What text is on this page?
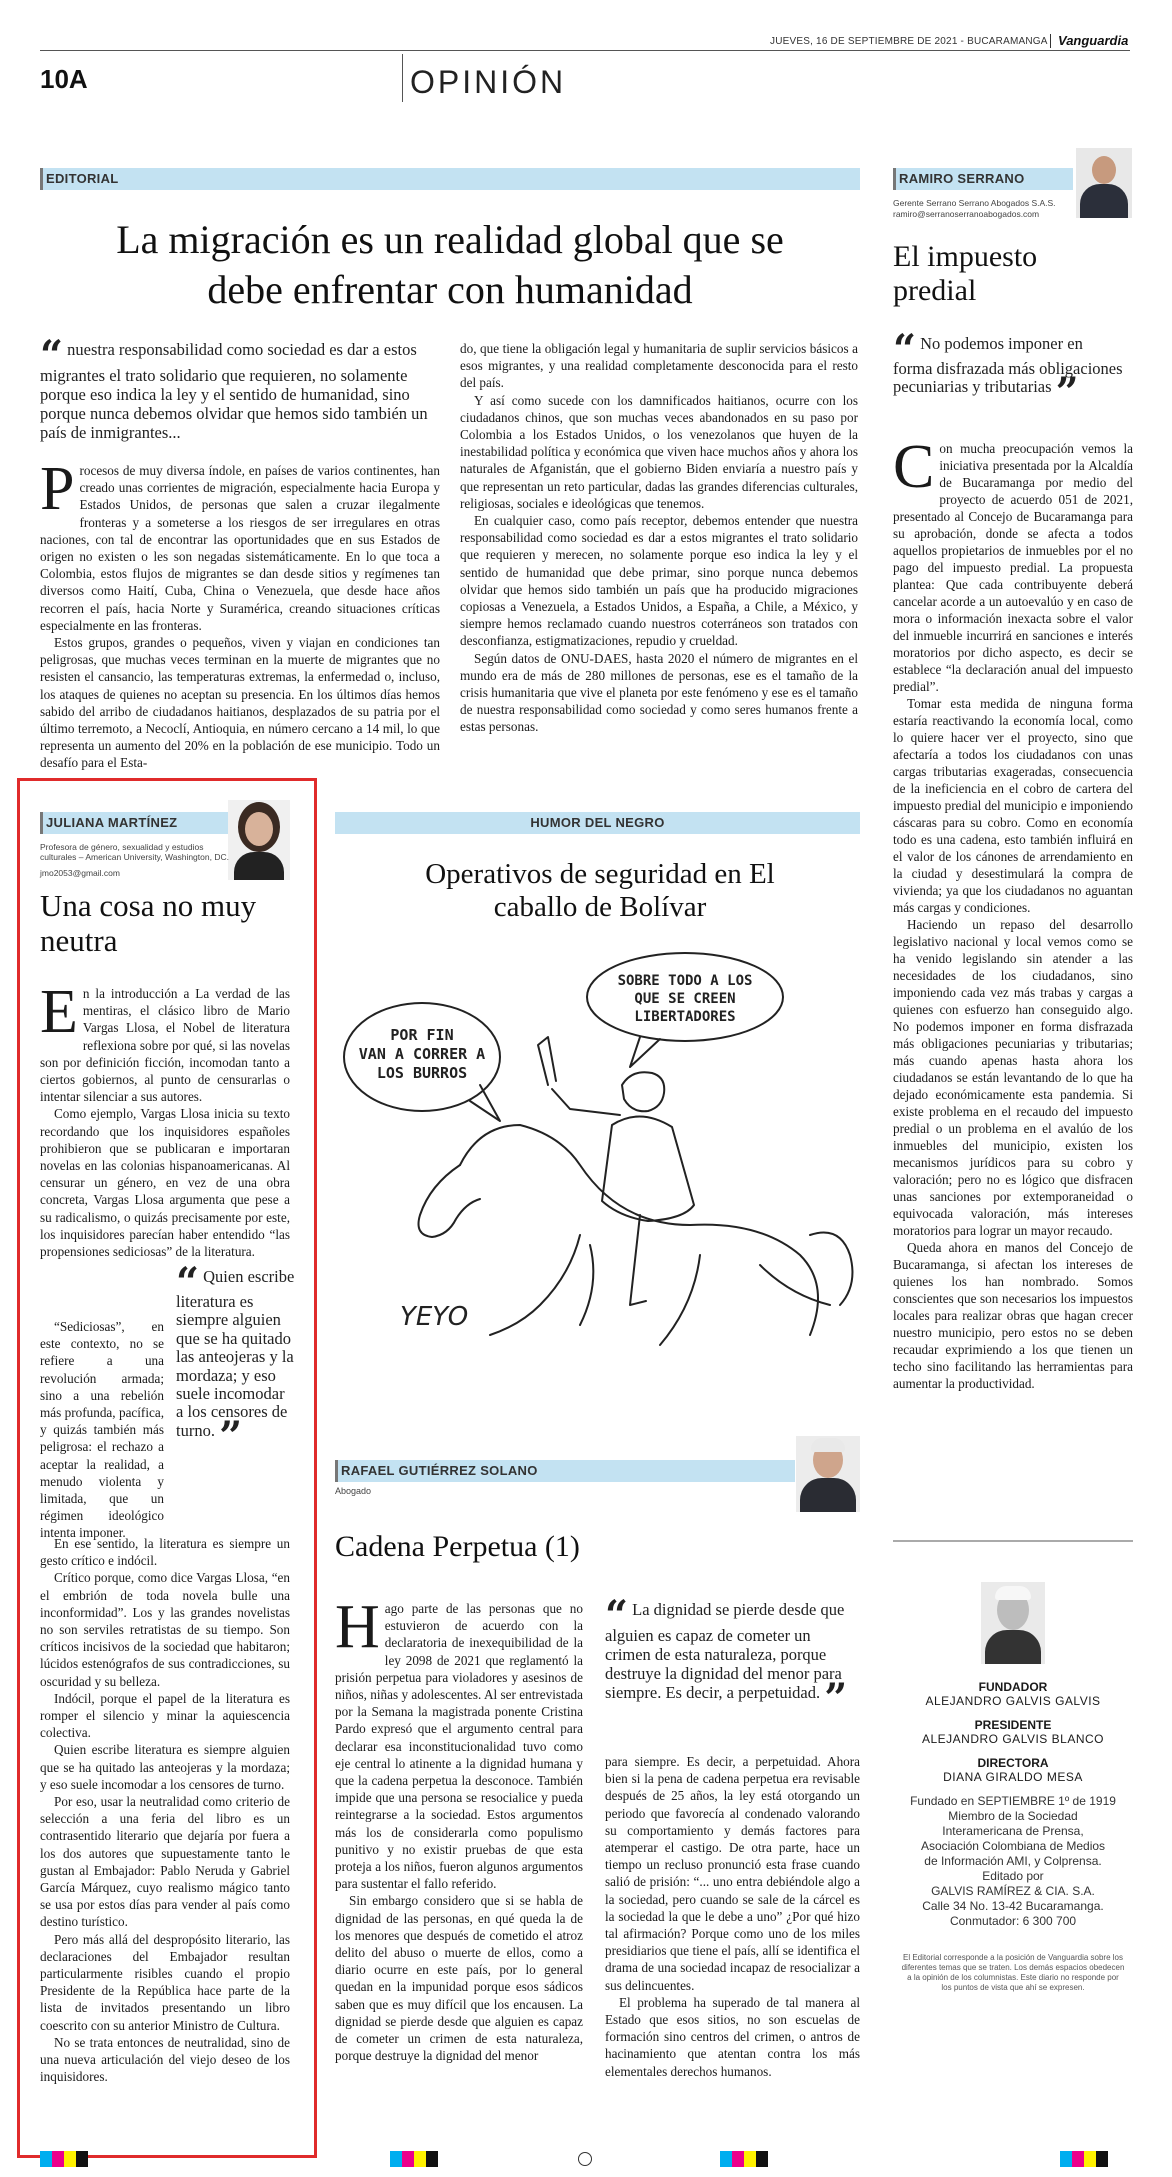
10A	OPINIÓN
JUEVES, 16 DE SEPTIEMBRE DE 2021 - BUCARAMANGA Vanguardia
EDITORIAL
La migración es un realidad global que se debe enfrentar con humanidad
“ nuestra responsabilidad como sociedad es dar a estos migrantes el trato solidario que requieren, no solamente porque eso indica la ley y el sentido de humanidad, sino porque nunca debemos olvidar que hemos sido también un país de inmigrantes...

Procesos de muy diversa índole, en países de varios continentes, han creado unas corrientes de migración, especialmente hacia Europa y Estados Unidos, de personas que salen a cruzar ilegalmente fronteras y a someterse a los riesgos de ser irregulares en otras naciones, con tal de encontrar las oportunidades que en sus Estados de origen no existen o les son negadas sistemáticamente. En lo que toca a Colombia, estos flujos de migrantes se dan desde sitios y regímenes tan diversos como Haití, Cuba, China o Venezuela, que desde hace años recorren el país, hacia Norte y Suramérica, creando situaciones críticas especialmente en las fronteras.

Estos grupos, grandes o pequeños, viven y viajan en condiciones tan peligrosas, que muchas veces terminan en la muerte de migrantes que no resisten el cansancio, las temperaturas extremas, la enfermedad o, incluso, los ataques de quienes no aceptan su presencia. En los últimos días hemos sabido del arribo de ciudadanos haitianos, desplazados de su patria por el último terremoto, a Necoclí, Antioquia, en número cercano a 14 mil, lo que representa un aumento del 20% en la población de ese municipio. Todo un desafío para el Esta-

do, que tiene la obligación legal y humanitaria de suplir servicios básicos a esos migrantes, y una realidad completamente desconocida para el resto del país.

Y así como sucede con los damnificados haitianos, ocurre con los ciudadanos chinos, que son muchas veces abandonados en su paso por Colombia a los Estados Unidos, o los venezolanos que huyen de la inestabilidad política y económica que viven hace muchos años y ahora los naturales de Afganistán, que el gobierno Biden enviaría a nuestro país y que representan un reto particular, dadas las grandes diferencias culturales, religiosas, sociales e ideológicas que tenemos.

En cualquier caso, como país receptor, debemos entender que nuestra responsabilidad como sociedad es dar a estos migrantes el trato solidario que requieren y merecen, no solamente porque eso indica la ley y el sentido de humanidad que debe primar, sino porque nunca debemos olvidar que hemos sido también un país que ha producido migraciones copiosas a Venezuela, a Estados Unidos, a España, a Chile, a México, y siempre hemos reclamado cuando nuestros coterráneos son tratados con desconfianza, estigmatizaciones, repudio y crueldad.

Según datos de ONU-DAES, hasta 2020 el número de migrantes en el mundo era de más de 280 millones de personas, ese es el tamaño de la crisis humanitaria que vive el planeta por este fenómeno y ese es el tamaño de nuestra responsabilidad como sociedad y como seres humanos frente a estas personas.

RAMIRO SERRANO
Gerente Serrano Serrano Abogados S.A.S.
ramiro@serranoserranoabogados.com
El impuesto predial
“ No podemos imponer en forma disfrazada más obligaciones pecuniarias y tributarias ”

Con mucha preocupación vemos la iniciativa presentada por la Alcaldía de Bucaramanga por medio del proyecto de acuerdo 051 de 2021, presentado al Concejo de Bucaramanga para su aprobación, donde se afecta a todos aquellos propietarios de inmuebles por el no pago del impuesto predial. La propuesta plantea: Que cada contribuyente deberá cancelar acorde a un autoevalúo y en caso de mora o información inexacta sobre el valor del inmueble incurrirá en sanciones e interés moratorios por dicho aspecto, es decir se establece “la declaración anual del impuesto predial”.

Tomar esta medida de ninguna forma estaría reactivando la economía local, como lo quiere hacer ver el proyecto, sino que afectaría a todos los ciudadanos con unas cargas tributarias exageradas, consecuencia de la ineficiencia en el cobro de cartera del impuesto predial del municipio e imponiendo cáscaras para su cobro. Como en economía todo es una cadena, esto también influirá en el valor de los cánones de arrendamiento en la ciudad y desestimulará la compra de vivienda; ya que los ciudadanos no aguantan más cargas y condiciones.

Haciendo un repaso del desarrollo legislativo nacional y local vemos como se ha venido legislando sin atender a las necesidades de los ciudadanos, sino imponiendo cada vez más trabas y cargas a quienes con esfuerzo han conseguido algo. No podemos imponer en forma disfrazada más obligaciones pecuniarias y tributarias; más cuando apenas hasta ahora los ciudadanos se están levantando de lo que ha dejado económicamente esta pandemia. Si existe problema en el recaudo del impuesto predial o un problema en el avalúo de los inmuebles del municipio, existen los mecanismos jurídicos para su cobro y valoración; pero no es lógico que disfracen unas sanciones por extemporaneidad o equivocada valoración, más intereses moratorios para lograr un mayor recaudo.

Queda ahora en manos del Concejo de Bucaramanga, si afectan los intereses de quienes los han nombrado. Somos conscientes que son necesarios los impuestos locales para realizar obras que hagan crecer nuestro municipio, pero estos no se deben recaudar exprimiendo a los que tienen un techo sino facilitando las herramientas para aumentar la productividad.

JULIANA MARTÍNEZ
Profesora de género, sexualidad y estudios culturales – American University, Washington, DC.
jmo2053@gmail.com
Una cosa no muy neutra

En la introducción a La verdad de las mentiras, el clásico libro de Mario Vargas Llosa, el Nobel de literatura reflexiona sobre por qué, si las novelas son por definición ficción, incomodan tanto a ciertos gobiernos, al punto de censurarlas o intentar silenciar a sus autores.

Como ejemplo, Vargas Llosa inicia su texto recordando que los inquisidores españoles prohibieron que se publicaran e importaran novelas en las colonias hispanoamericanas. Al censurar un género, en vez de una obra concreta, Vargas Llosa argumenta que pese a su radicalismo, o quizás precisamente por este, los inquisidores parecían haber entendido “las propensiones sediciosas” de la literatura.

“Sediciosas”, en este contexto, no se refiere a una revolución armada; sino a una rebelión más profunda, pacífica, y quizás también más peligrosa: el rechazo a aceptar la realidad, a menudo violenta y limitada, que un régimen ideológico intenta imponer.
“ Quien escribe literatura es siempre alguien que se ha quitado las anteojeras y la mordaza; y eso suele incomodar a los censores de turno. ”

En ese sentido, la literatura es siempre un gesto crítico e indócil.

Crítico porque, como dice Vargas Llosa, “en el embrión de toda novela bulle una inconformidad”. Los y las grandes novelistas no son serviles retratistas de su tiempo. Son críticos incisivos de la sociedad que habitaron; lúcidos estenógrafos de sus contradicciones, su oscuridad y su belleza.

Indócil, porque el papel de la literatura es romper el silencio y minar la aquiescencia colectiva.

Quien escribe literatura es siempre alguien que se ha quitado las anteojeras y la mordaza; y eso suele incomodar a los censores de turno.

Por eso, usar la neutralidad como criterio de selección a una feria del libro es un contrasentido literario que dejaría por fuera a los dos autores que supuestamente tanto le gustan al Embajador: Pablo Neruda y Gabriel García Márquez, cuyo realismo mágico tanto se usa por estos días para vender al país como destino turístico.

Pero más allá del despropósito literario, las declaraciones del Embajador resultan particularmente risibles cuando el propio Presidente de la República hace parte de la lista de invitados presentando un libro coescrito con su anterior Ministro de Cultura.

No se trata entonces de neutralidad, sino de una nueva articulación del viejo deseo de los inquisidores.

HUMOR DEL NEGRO
Operativos de seguridad en El caballo de Bolívar
SOBRE TODO A LOS
QUE SE CREEN
LIBERTADORES
POR FIN
VAN A CORRER A
LOS BURROS
YEYO
RAFAEL GUTIÉRREZ SOLANO
Abogado
Cadena Perpetua (1)

Hago parte de las personas que no estuvieron de acuerdo con la declaratoria de inexequibilidad de la ley 2098 de 2021 que reglamentó la prisión perpetua para violadores y asesinos de niños, niñas y adolescentes. Al ser entrevistada por la Semana la magistrada ponente Cristina Pardo expresó que el argumento central para declarar esa inconstitucionalidad tuvo como eje central lo atinente a la dignidad humana y que la cadena perpetua la desconoce. También impide que una persona se resocialice y pueda reintegrarse a la sociedad. Estos argumentos más los de considerarla como populismo punitivo y no existir pruebas de que esta proteja a los niños, fueron algunos argumentos para sustentar el fallo referido.

Sin embargo considero que si se habla de dignidad de las personas, en qué queda la de los menores que después de cometido el atroz delito del abuso o muerte de ellos, como a diario ocurre en este país, por lo general quedan en la impunidad porque esos sádicos saben que es muy difícil que los encausen. La dignidad se pierde desde que alguien es capaz de cometer un crimen de esta naturaleza, porque destruye la dignidad del menor

“ La dignidad se pierde desde que alguien es capaz de cometer un crimen de esta naturaleza, porque destruye la dignidad del menor para siempre. Es decir, a perpetuidad. ”

para siempre. Es decir, a perpetuidad. Ahora bien si la pena de cadena perpetua era revisable después de 25 años, la ley está otorgando un periodo que favorecía al condenado valorando su comportamiento y demás factores para atemperar el castigo. De otra parte, hace un tiempo un recluso pronunció esta frase cuando salió de prisión: “... uno entra debiéndole algo a la sociedad, pero cuando se sale de la cárcel es la sociedad la que le debe a uno” ¿Por qué hizo tal afirmación? Porque como uno de los miles presidiarios que tiene el país, allí se identifica el drama de una sociedad incapaz de resocializar a sus delincuentes.

El problema ha superado de tal manera al Estado que esos sitios, no son escuelas de formación sino centros del crimen, o antros de hacinamiento que atentan contra los más elementales derechos humanos.

FUNDADOR
ALEJANDRO GALVIS GALVIS
PRESIDENTE
ALEJANDRO GALVIS BLANCO
DIRECTORA
DIANA GIRALDO MESA
Fundado en SEPTIEMBRE 1º de 1919
Miembro de la Sociedad
Interamericana de Prensa,
Asociación Colombiana de Medios
de Información AMI, y Colprensa.
Editado por
GALVIS RAMÍREZ & CIA. S.A.
Calle 34 No. 13-42 Bucaramanga.
Conmutador: 6 300 700
El Editorial corresponde a la posición de Vanguardia sobre los diferentes temas que se traten. Los demás espacios obedecen a la opinión de los columnistas. Este diario no responde por los puntos de vista que ahí se expresen.
